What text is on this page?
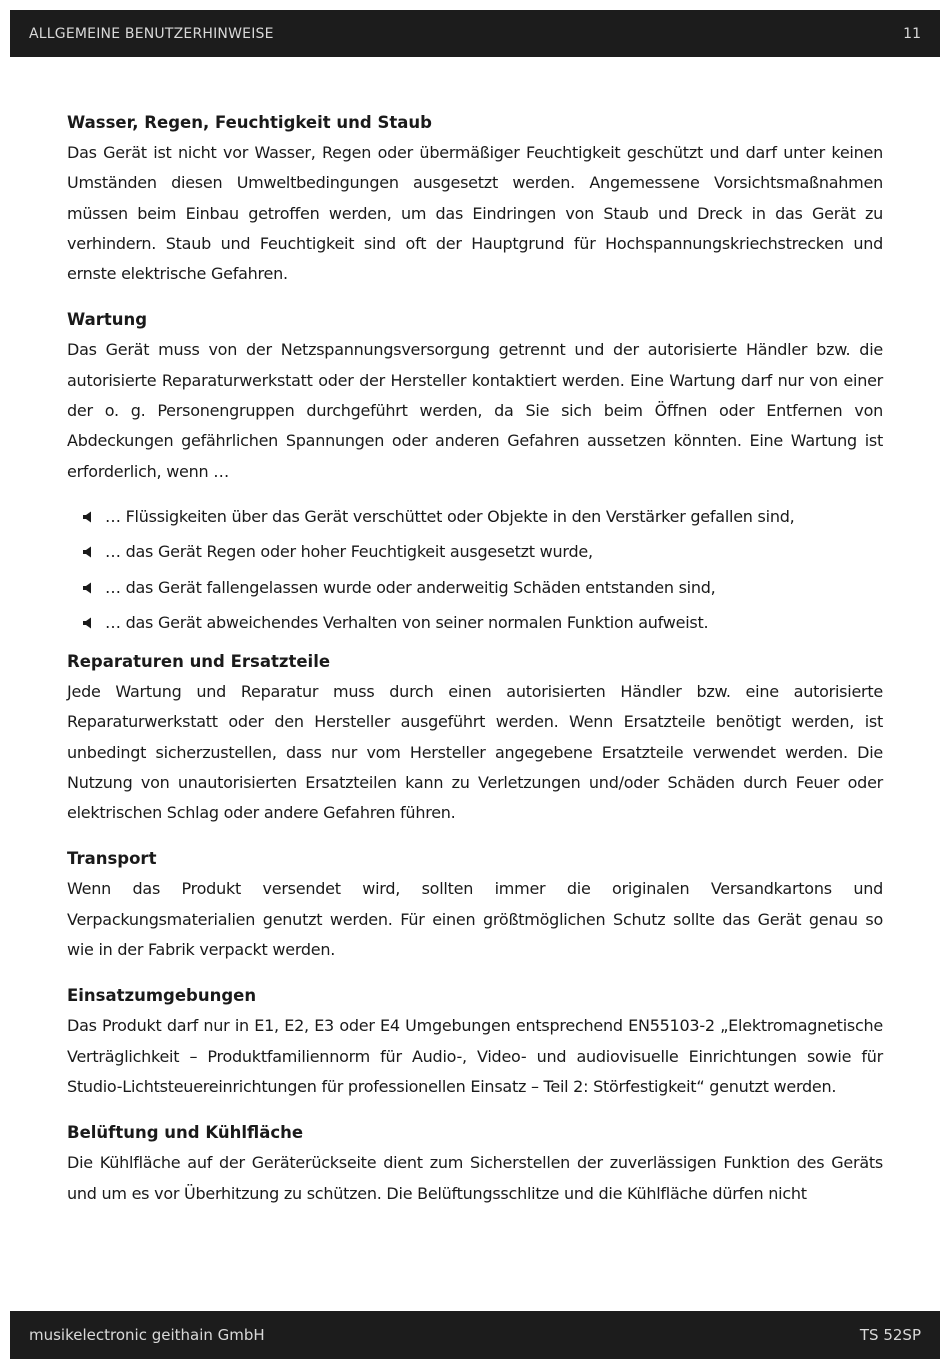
ALLGEMEINE BENUTZERHINWEISE	11
Wasser, Regen, Feuchtigkeit und Staub

Das Gerät ist nicht vor Wasser, Regen oder übermäßiger Feuchtigkeit geschützt und darf unter keinen Umständen diesen Umweltbedingungen ausgesetzt werden. Angemessene Vorsichtsmaßnahmen müssen beim Einbau getroffen werden, um das Eindringen von Staub und Dreck in das Gerät zu verhindern. Staub und Feuchtigkeit sind oft der Hauptgrund für Hochspannungskriechstrecken und ernste elektrische Gefahren.

Wartung

Das Gerät muss von der Netzspannungsversorgung getrennt und der autorisierte Händler bzw. die autorisierte Reparaturwerkstatt oder der Hersteller kontaktiert werden. Eine Wartung darf nur von einer der o. g. Personengruppen durchgeführt werden, da Sie sich beim Öffnen oder Entfernen von Abdeckungen gefährlichen Spannungen oder anderen Gefahren aussetzen könnten. Eine Wartung ist erforderlich, wenn …

… Flüssigkeiten über das Gerät verschüttet oder Objekte in den Verstärker gefallen sind,
… das Gerät Regen oder hoher Feuchtigkeit ausgesetzt wurde,
… das Gerät fallengelassen wurde oder anderweitig Schäden entstanden sind,
… das Gerät abweichendes Verhalten von seiner normalen Funktion aufweist.
Reparaturen und Ersatzteile

Jede Wartung und Reparatur muss durch einen autorisierten Händler bzw. eine autorisierte Reparaturwerkstatt oder den Hersteller ausgeführt werden. Wenn Ersatzteile benötigt werden, ist unbedingt sicherzustellen, dass nur vom Hersteller angegebene Ersatzteile verwendet werden. Die Nutzung von unautorisierten Ersatzteilen kann zu Verletzungen und/oder Schäden durch Feuer oder elektrischen Schlag oder andere Gefahren führen.

Transport

Wenn das Produkt versendet wird, sollten immer die originalen Versandkartons und Verpackungsmaterialien genutzt werden. Für einen größtmöglichen Schutz sollte das Gerät genau so wie in der Fabrik verpackt werden.

Einsatzumgebungen

Das Produkt darf nur in E1, E2, E3 oder E4 Umgebungen entsprechend EN55103-2 „Elektromagnetische Verträglichkeit – Produktfamiliennorm für Audio-, Video- und audiovisuelle Einrichtungen sowie für Studio-Lichtsteuereinrichtungen für professionellen Einsatz – Teil 2: Störfestigkeit“ genutzt werden.

Belüftung und Kühlfläche

Die Kühlfläche auf der Geräterückseite dient zum Sicherstellen der zuverlässigen Funktion des Geräts und um es vor Überhitzung zu schützen. Die Belüftungsschlitze und die Kühlfläche dürfen nicht

musikelectronic geithain GmbH	TS 52SP
